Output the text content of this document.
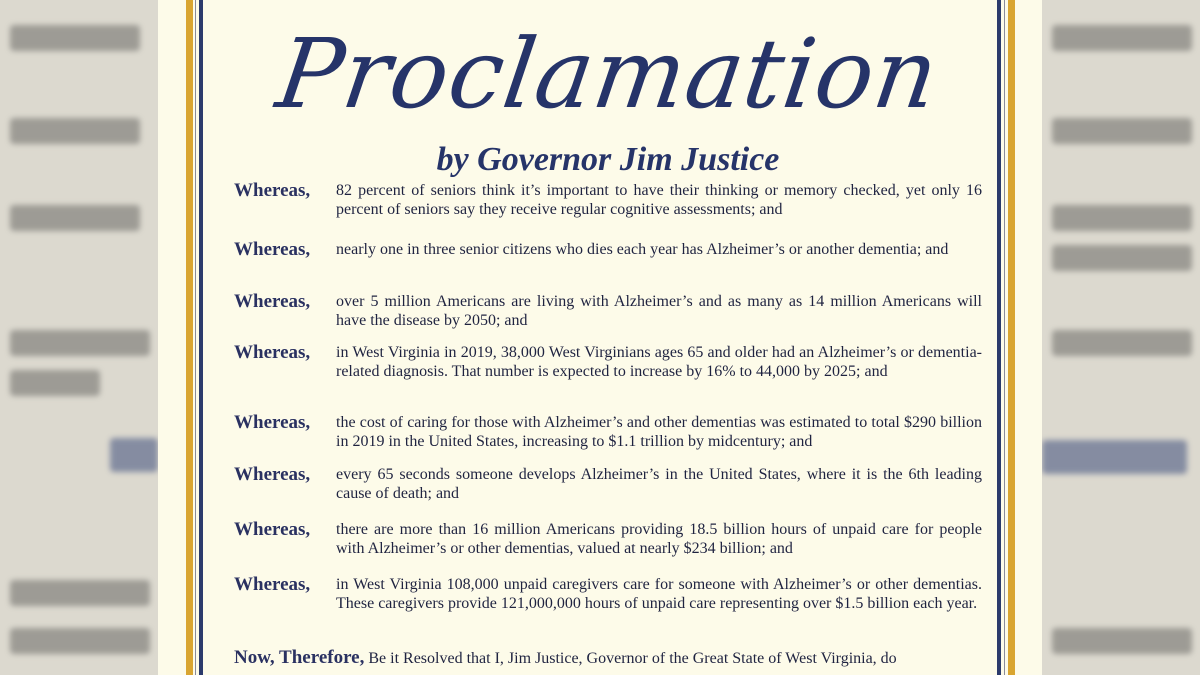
Proclamation
by Governor Jim Justice
Whereas, 82 percent of seniors think it’s important to have their thinking or memory checked, yet only 16 percent of seniors say they receive regular cognitive assessments; and
Whereas, nearly one in three senior citizens who dies each year has Alzheimer’s or another dementia; and
Whereas, over 5 million Americans are living with Alzheimer’s and as many as 14 million Americans will have the disease by 2050; and
Whereas, in West Virginia in 2019, 38,000 West Virginians ages 65 and older had an Alzheimer’s or dementia-related diagnosis. That number is expected to increase by 16% to 44,000 by 2025; and
Whereas, the cost of caring for those with Alzheimer’s and other dementias was estimated to total $290 billion in 2019 in the United States, increasing to $1.1 trillion by midcentury; and
Whereas, every 65 seconds someone develops Alzheimer’s in the United States, where it is the 6th leading cause of death; and
Whereas, there are more than 16 million Americans providing 18.5 billion hours of unpaid care for people with Alzheimer’s or other dementias, valued at nearly $234 billion; and
Whereas, in West Virginia 108,000 unpaid caregivers care for someone with Alzheimer’s or other dementias. These caregivers provide 121,000,000 hours of unpaid care representing over $1.5 billion each year.
Now, Therefore, Be it Resolved that I, Jim Justice, Governor of the Great State of West Virginia, do
